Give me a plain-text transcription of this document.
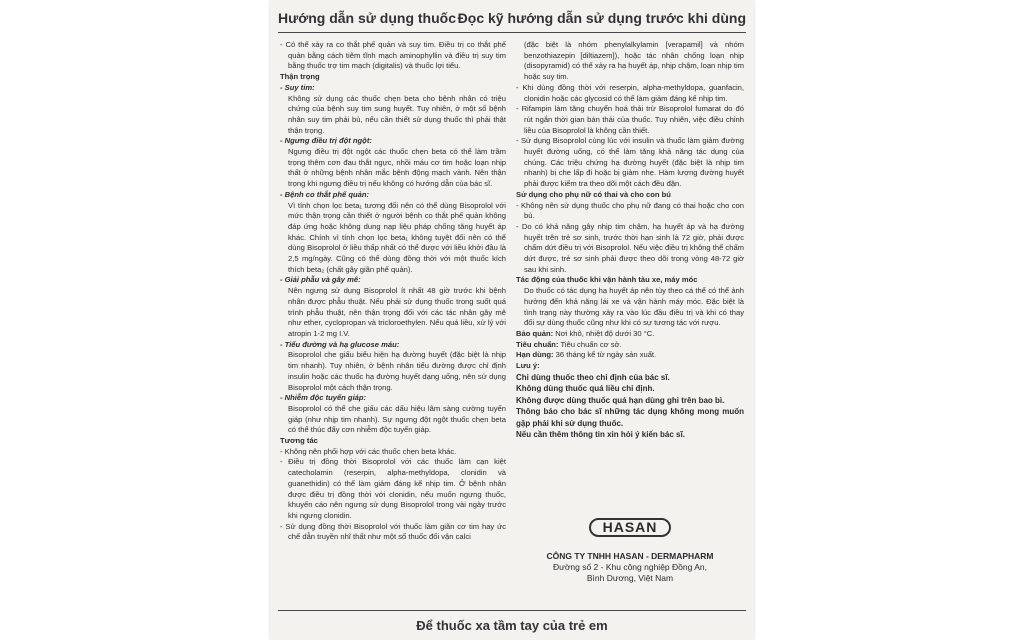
Hướng dẫn sử dụng thuốc Đọc kỹ hướng dẫn sử dụng trước khi dùng

- Có thể xảy ra co thắt phế quản và suy tim. Điều trị co thắt phế quản bằng cách tiêm tĩnh mạch aminophyllin và điều trị suy tim bằng thuốc trợ tim mạch (digitalis) và thuốc lợi tiểu.

Thận trọng

- Suy tim:

Không sử dụng các thuốc chẹn beta cho bệnh nhân có triệu chứng của bệnh suy tim sung huyết. Tuy nhiên, ở một số bệnh nhân suy tim phải bù, nếu cần thiết sử dụng thuốc thì phải thật thận trọng.

- Ngưng điều trị đột ngột:

Ngưng điều trị đột ngột các thuốc chẹn beta có thể làm trầm trọng thêm cơn đau thắt ngực, nhồi máu cơ tim hoặc loạn nhịp thất ở những bệnh nhân mắc bệnh động mạch vành. Nên thận trọng khi ngưng điều trị nếu không có hướng dẫn của bác sĩ.

- Bệnh co thắt phế quản:

Vì tính chọn lọc beta₁ tương đối nên có thể dùng Bisoprolol với mức thận trọng cần thiết ở người bệnh co thắt phế quản không đáp ứng hoặc không dung nạp liệu pháp chống tăng huyết áp khác. Chính vì tính chọn lọc beta₁ không tuyệt đối nên có thể dùng Bisoprolol ở liều thấp nhất có thể được với liều khởi đầu là 2,5 mg/ngày. Cũng có thể dùng đồng thời với một thuốc kích thích beta₂ (chất gây giãn phế quản).

- Giải phẫu và gây mê:

Nên ngưng sử dụng Bisoprolol ít nhất 48 giờ trước khi bệnh nhân được phẫu thuật. Nếu phải sử dụng thuốc trong suốt quá trình phẫu thuật, nên thận trọng đối với các tác nhân gây mê như ether, cyclopropan và tricloroethylen. Nếu quá liều, xử lý với atropin 1-2 mg I.V.

- Tiểu đường và hạ glucose máu:

Bisoprolol che giấu biểu hiện hạ đường huyết (đặc biệt là nhịp tim nhanh). Tuy nhiên, ở bệnh nhân tiểu đường được chỉ định insulin hoặc các thuốc hạ đường huyết dạng uống, nên sử dụng Bisoprolol một cách thận trọng.

- Nhiễm độc tuyến giáp:

Bisoprolol có thể che giấu các dấu hiệu lâm sàng cường tuyến giáp (như nhịp tim nhanh). Sự ngưng đột ngột thuốc chẹn beta có thể thúc đẩy cơn nhiễm độc tuyến giáp.

Tương tác

- Không nên phối hợp với các thuốc chẹn beta khác.

- Điều trị đồng thời Bisoprolol với các thuốc làm cạn kiệt catecholamin (reserpin, alpha-methyldopa, clonidin và guanethidin) có thể làm giảm đáng kể nhịp tim. Ở bệnh nhân được điều trị đồng thời với clonidin, nếu muốn ngưng thuốc, khuyến cáo nên ngưng sử dụng Bisoprolol trong vài ngày trước khi ngưng clonidin.

- Sử dụng đồng thời Bisoprolol với thuốc làm giãn cơ tim hay ức chế dẫn truyền nhĩ thất như một số thuốc đối vận calci

(đặc biệt là nhóm phenylalkylamin [verapamil] và nhóm benzothiazepin [diltiazem]), hoặc tác nhân chống loạn nhịp (disopyramid) có thể xảy ra hạ huyết áp, nhịp chậm, loạn nhịp tim hoặc suy tim.

- Khi dùng đồng thời với reserpin, alpha-methyldopa, guanfacin, clonidin hoặc các glycosid có thể làm giảm đáng kể nhịp tim.

- Rifampin làm tăng chuyển hoá thải trừ Bisoprolol fumarat do đó rút ngắn thời gian bán thải của thuốc. Tuy nhiên, việc điều chỉnh liều của Bisoprolol là không cần thiết.

- Sử dụng Bisoprolol cùng lúc với insulin và thuốc làm giảm đường huyết đường uống, có thể làm tăng khả năng tác dụng của chúng. Các triệu chứng hạ đường huyết (đặc biệt là nhịp tim nhanh) bị che lấp đi hoặc bị giảm nhẹ. Hàm lượng đường huyết phải được kiểm tra theo dõi một cách đều đặn.

Sử dụng cho phụ nữ có thai và cho con bú

- Không nên sử dụng thuốc cho phụ nữ đang có thai hoặc cho con bú.

- Do có khả năng gây nhịp tim chậm, hạ huyết áp và hạ đường huyết trên trẻ sơ sinh, trước thời hạn sinh là 72 giờ, phải được chấm dứt điều trị với Bisoprolol. Nếu việc điều trị không thể chấm dứt được, trẻ sơ sinh phải được theo dõi trong vòng 48-72 giờ sau khi sinh.

Tác động của thuốc khi vận hành tàu xe, máy móc

Do thuốc có tác dụng hạ huyết áp nên tùy theo cá thể có thể ảnh hưởng đến khả năng lái xe và vận hành máy móc. Đặc biệt là tình trạng này thường xảy ra vào lúc đầu điều trị và khi có thay đổi sự dùng thuốc cũng như khi có sự tương tác với rượu.

Bảo quản: Nơi khô, nhiệt độ dưới 30 °C.

Tiêu chuẩn: Tiêu chuẩn cơ sở.

Hạn dùng: 36 tháng kể từ ngày sản xuất.

Lưu ý:

Chỉ dùng thuốc theo chỉ định của bác sĩ.

Không dùng thuốc quá liều chỉ định.

Không được dùng thuốc quá hạn dùng ghi trên bao bì.

Thông báo cho bác sĩ những tác dụng không mong muốn gặp phải khi sử dụng thuốc.

Nếu cần thêm thông tin xin hỏi ý kiến bác sĩ.

HASAN
CÔNG TY TNHH HASAN - DERMAPHARM
Đường số 2 - Khu công nghiệp Đồng An,
Bình Dương, Việt Nam
Để thuốc xa tầm tay của trẻ em
